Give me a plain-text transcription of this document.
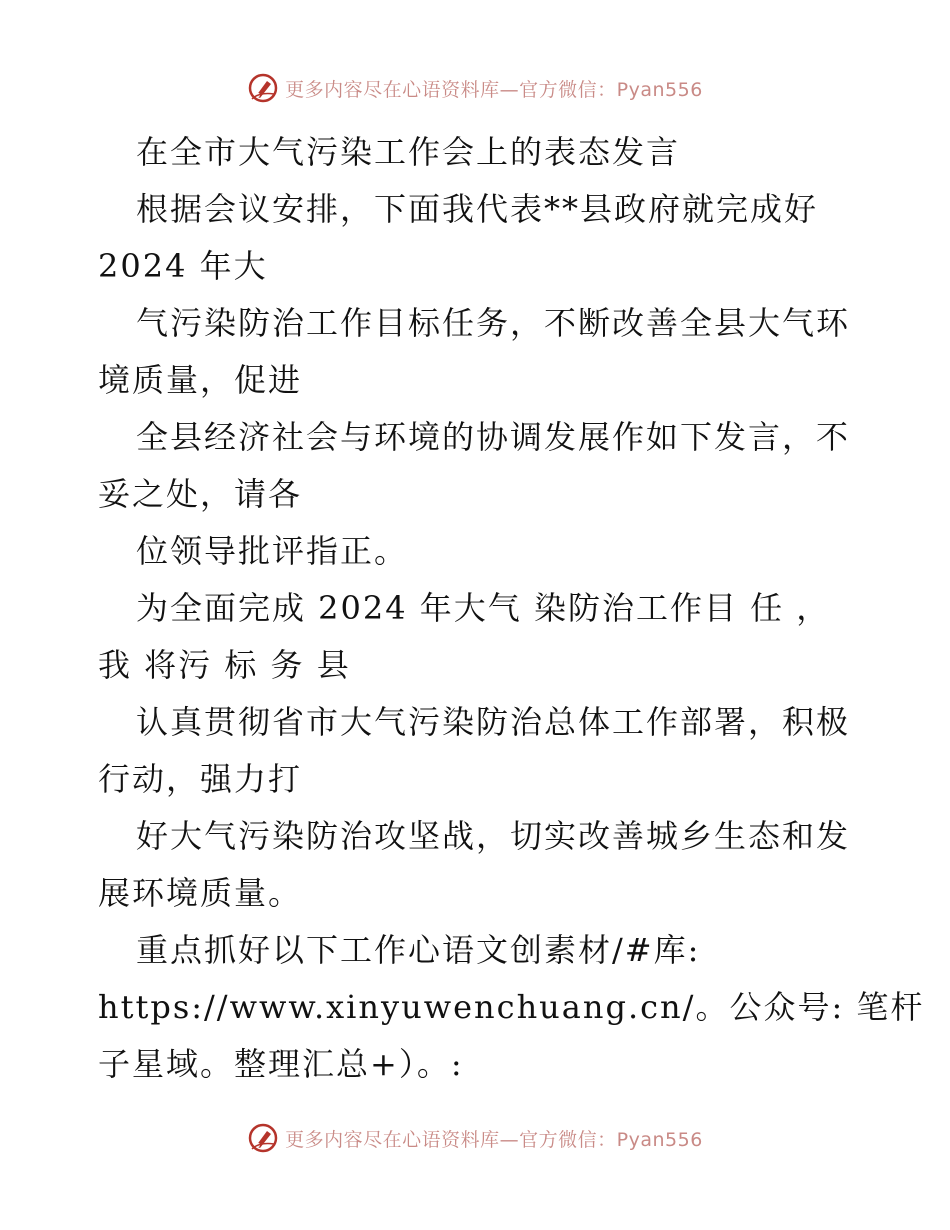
更多内容尽在心语资料库—官方微信：Pyan556
在全市大气污染工作会上的表态发言
根据会议安排，下面我代表**县政府就完成好
2024 年大
气污染防治工作目标任务，不断改善全县大气环
境质量，促进
全县经济社会与环境的协调发展作如下发言，不
妥之处，请各
位领导批评指正。
为全面完成 2024 年大气 染防治工作目 任 ，
我 将污 标 务 县
认真贯彻省市大气污染防治总体工作部署，积极
行动，强力打
好大气污染防治攻坚战，切实改善城乡生态和发
展环境质量。
重点抓好以下工作心语文创素材/#库:
https://www.xinyuwenchuang.cn/。公众号: 笔杆
子星域。整理汇总+）。:
更多内容尽在心语资料库—官方微信：Pyan556
